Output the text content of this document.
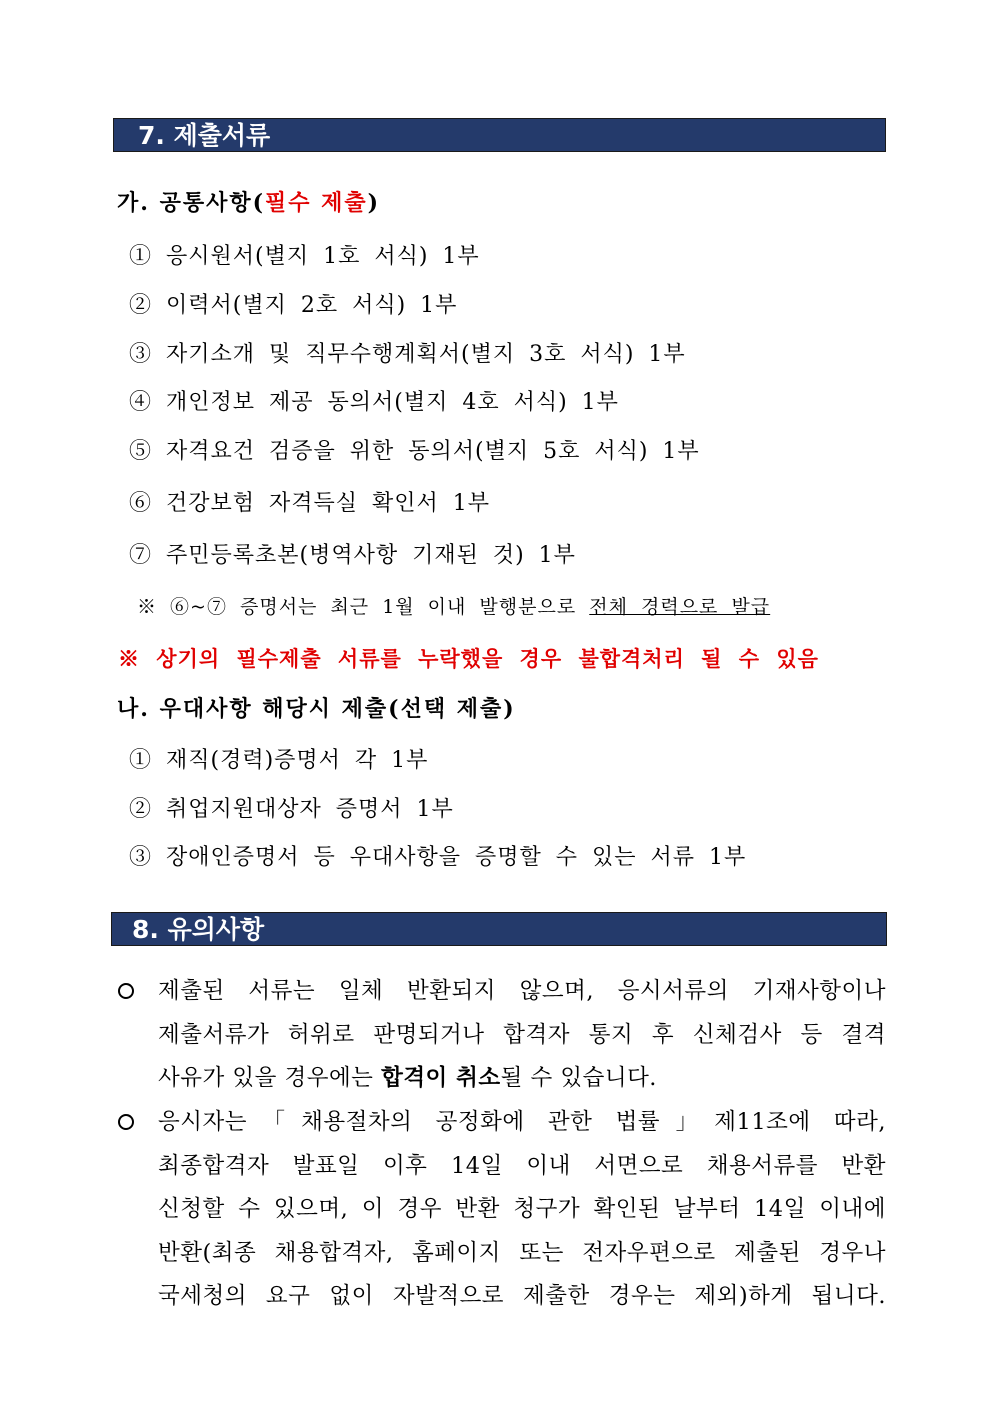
7. 제출서류
가. 공통사항(필수 제출)
① 응시원서(별지 1호 서식) 1부
② 이력서(별지 2호 서식) 1부
③ 자기소개 및 직무수행계획서(별지 3호 서식) 1부
④ 개인정보 제공 동의서(별지 4호 서식) 1부
⑤ 자격요건 검증을 위한 동의서(별지 5호 서식) 1부
⑥ 건강보험 자격득실 확인서 1부
⑦ 주민등록초본(병역사항 기재된 것) 1부
※ ⑥~⑦ 증명서는 최근 1월 이내 발행분으로 전체 경력으로 발급
※ 상기의 필수제출 서류를 누락했을 경우 불합격처리 될 수 있음
나. 우대사항 해당시 제출(선택 제출)
① 재직(경력)증명서 각 1부
② 취업지원대상자 증명서 1부
③ 장애인증명서 등 우대사항을 증명할 수 있는 서류 1부
8. 유의사항
제출된 서류는 일체 반환되지 않으며, 응시서류의 기재사항이나
제출서류가 허위로 판명되거나 합격자 통지 후 신체검사 등 결격
사유가 있을 경우에는 합격이 취소될 수 있습니다.
응시자는「채용절차의 공정화에 관한 법률」제11조에 따라,
최종합격자 발표일 이후 14일 이내 서면으로 채용서류를 반환
신청할 수 있으며, 이 경우 반환 청구가 확인된 날부터 14일 이내에
반환(최종 채용합격자, 홈페이지 또는 전자우편으로 제출된 경우나
국세청의 요구 없이 자발적으로 제출한 경우는 제외)하게 됩니다.
